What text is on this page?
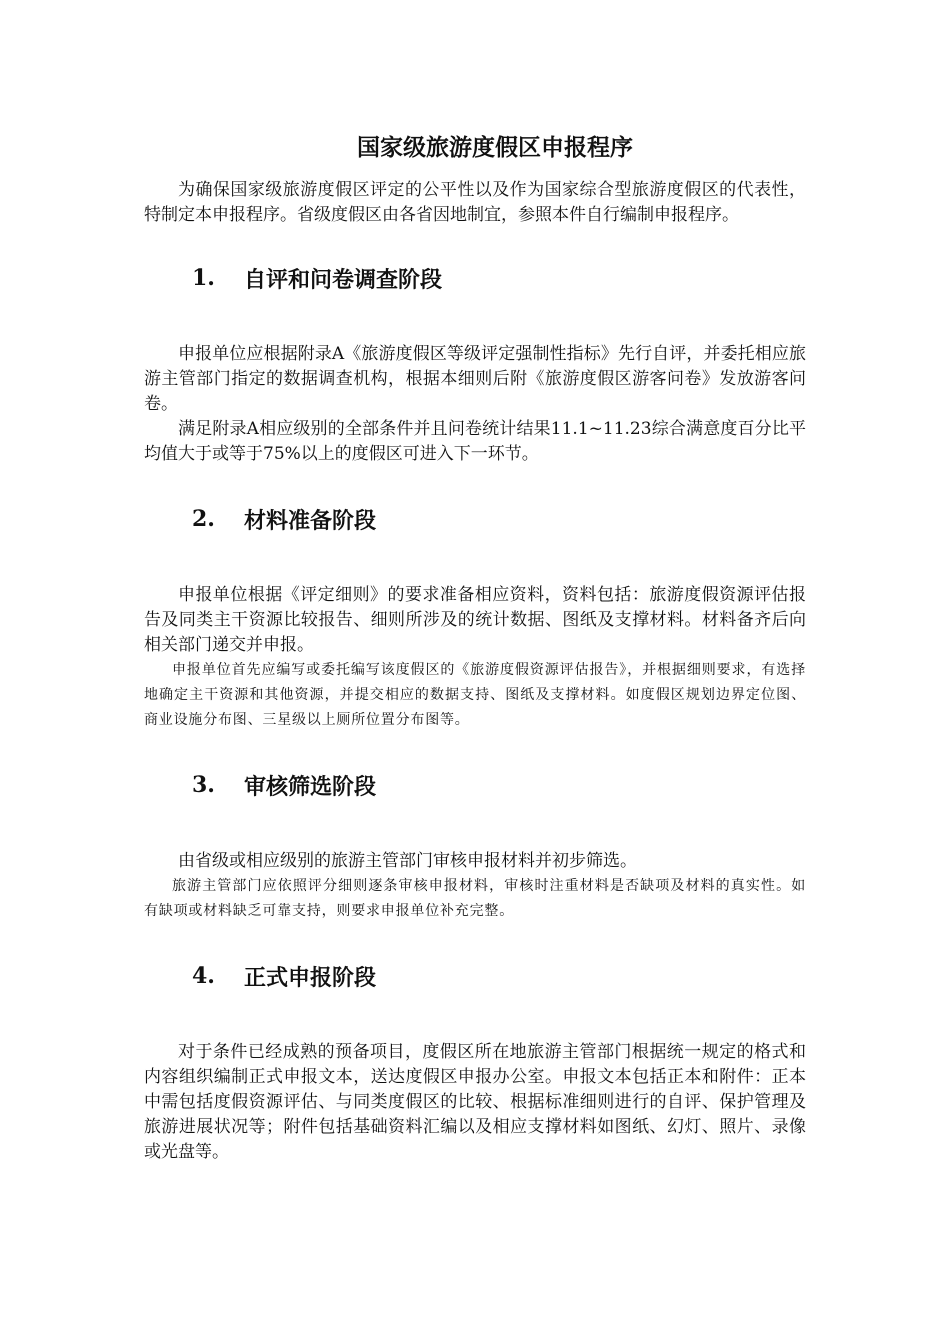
国家级旅游度假区申报程序

为确保国家级旅游度假区评定的公平性以及作为国家综合型旅游度假区的代表性，特制定本申报程序。省级度假区由各省因地制宜，参照本件自行编制申报程序。

1.	自评和问卷调查阶段

申报单位应根据附录A《旅游度假区等级评定强制性指标》先行自评，并委托相应旅游主管部门指定的数据调查机构，根据本细则后附《旅游度假区游客问卷》发放游客问卷。

满足附录A相应级别的全部条件并且问卷统计结果11.1~11.23综合满意度百分比平均值大于或等于75%以上的度假区可进入下一环节。

2.	材料准备阶段

申报单位根据《评定细则》的要求准备相应资料，资料包括：旅游度假资源评估报告及同类主干资源比较报告、细则所涉及的统计数据、图纸及支撑材料。材料备齐后向相关部门递交并申报。

申报单位首先应编写或委托编写该度假区的《旅游度假资源评估报告》，并根据细则要求，有选择地确定主干资源和其他资源，并提交相应的数据支持、图纸及支撑材料。如度假区规划边界定位图、商业设施分布图、三星级以上厕所位置分布图等。

3.	审核筛选阶段

由省级或相应级别的旅游主管部门审核申报材料并初步筛选。

旅游主管部门应依照评分细则逐条审核申报材料，审核时注重材料是否缺项及材料的真实性。如有缺项或材料缺乏可靠支持，则要求申报单位补充完整。

4.	正式申报阶段

对于条件已经成熟的预备项目，度假区所在地旅游主管部门根据统一规定的格式和内容组织编制正式申报文本，送达度假区申报办公室。申报文本包括正本和附件：正本中需包括度假资源评估、与同类度假区的比较、根据标准细则进行的自评、保护管理及旅游进展状况等；附件包括基础资料汇编以及相应支撑材料如图纸、幻灯、照片、录像或光盘等。
